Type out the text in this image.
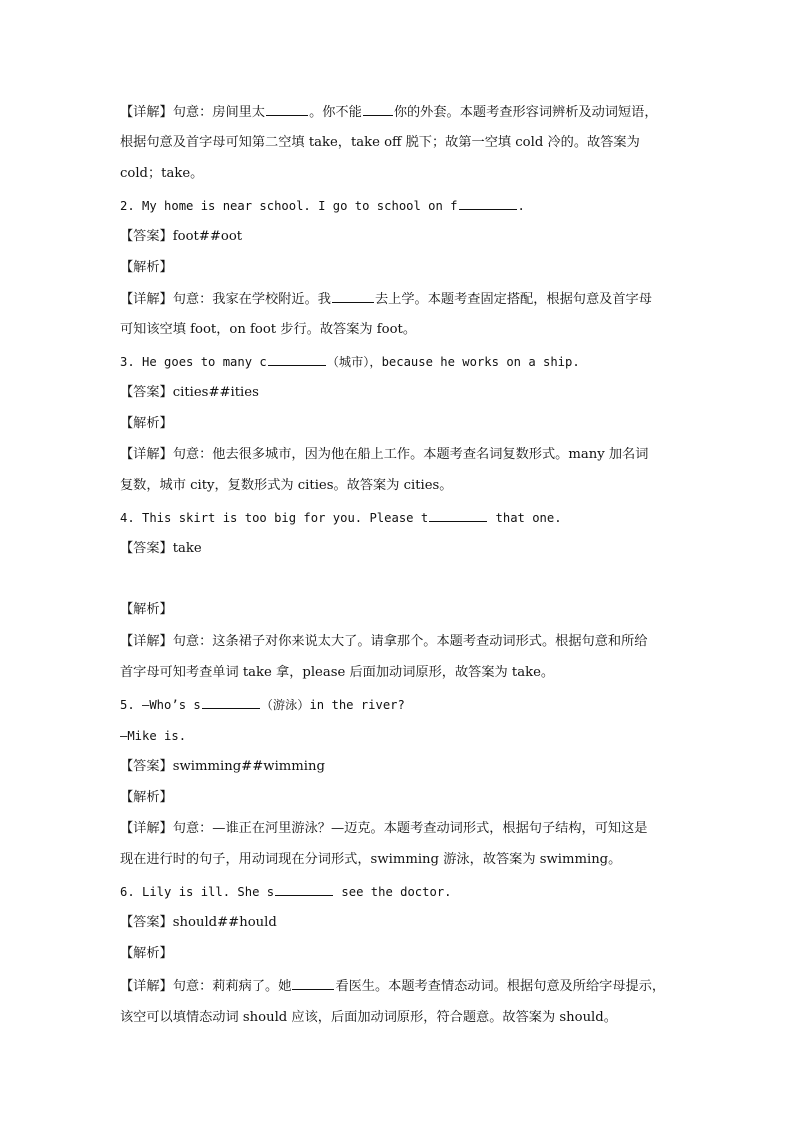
【详解】句意：房间里太	。你不能 你的外套。本题考查形容词辨析及动词短语，
根据句意及首字母可知第二空填 take，take off 脱下；故第一空填 cold 冷的。故答案为
cold；take。
2. My home is near school. I go to school on f	.
【答案】foot##oot
【解析】
【详解】句意：我家在学校附近。我	去上学。本题考查固定搭配，根据句意及首字母
可知该空填 foot，on foot 步行。故答案为 foot。
3. He goes to many c	（城市），because he works on a ship.
【答案】cities##ities
【解析】
【详解】句意：他去很多城市，因为他在船上工作。本题考查名词复数形式。many 加名词
复数，城市 city，复数形式为 cities。故答案为 cities。
4. This skirt is too big for you. Please t	that one.
【答案】take
【解析】
【详解】句意：这条裙子对你来说太大了。请拿那个。本题考查动词形式。根据句意和所给
首字母可知考查单词 take 拿，please 后面加动词原形，故答案为 take。
5. —Who’s s	（游泳）in the river?
—Mike is.
【答案】swimming##wimming
【解析】
【详解】句意：—谁正在河里游泳？—迈克。本题考查动词形式，根据句子结构，可知这是
现在进行时的句子，用动词现在分词形式，swimming 游泳，故答案为 swimming。
6. Lily is ill. She s	see the doctor.
【答案】should##hould
【解析】
【详解】句意：莉莉病了。她	看医生。本题考查情态动词。根据句意及所给字母提示，
该空可以填情态动词 should 应该，后面加动词原形，符合题意。故答案为 should。
